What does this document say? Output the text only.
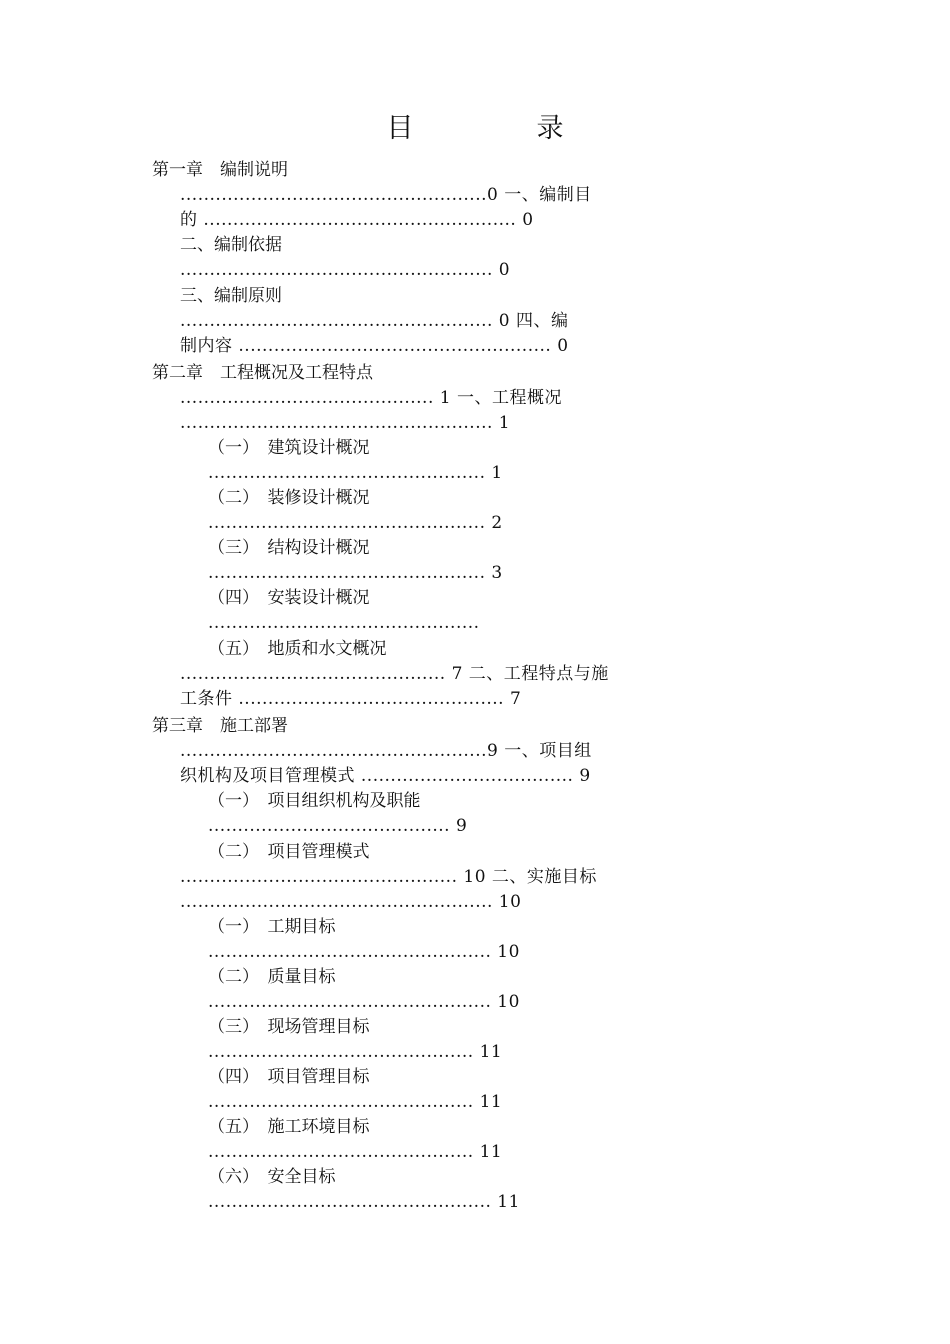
目　录
第一章　编制说明
....................................................0 一、编制目
的 ..................................................... 0
二、编制依据
..................................................... 0
三、编制原则
..................................................... 0 四、编
制内容 ..................................................... 0
第二章　工程概况及工程特点
........................................... 1 一、工程概况
..................................................... 1
（一）　建筑设计概况
............................................... 1
（二）　装修设计概况
............................................... 2
（三）　结构设计概况
............................................... 3
（四）　安装设计概况
..............................................
（五）　地质和水文概况
............................................. 7 二、工程特点与施
工条件 ............................................. 7
第三章　施工部署
....................................................9 一、项目组
织机构及项目管理模式 .................................... 9
（一）　项目组织机构及职能
......................................... 9
（二）　项目管理模式
............................................... 10 二、实施目标
..................................................... 10
（一）　工期目标
................................................ 10
（二）　质量目标
................................................ 10
（三）　现场管理目标
............................................. 11
（四）　项目管理目标
............................................. 11
（五）　施工环境目标
............................................. 11
（六）　安全目标
................................................ 11
